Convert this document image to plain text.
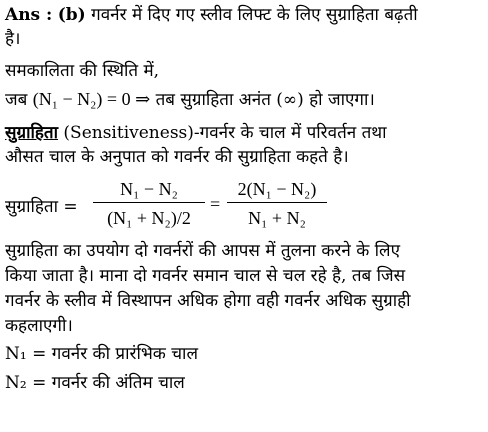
Ans : (b) गवर्नर में दिए गए स्लीव लिफ्ट के लिए सुग्राहिता बढ़ती
है।
समकालिता की स्थिति में,
जब (N₁ − N₂) = 0 ⇒ तब सुग्राहिता अनंत (∞) हो जाएगा।
सुग्राहिता (Sensitiveness)-गवर्नर के चाल में परिवर्तन तथा
औसत चाल के अनुपात को गवर्नर की सुग्राहिता कहते है।
सुग्राहिता =
N₁ − N₂
(N₁ + N₂)/2
=
2(N₁ − N₂)
N₁ + N₂
सुग्राहिता का उपयोग दो गवर्नरों की आपस में तुलना करने के लिए
किया जाता है। माना दो गवर्नर समान चाल से चल रहे है, तब जिस
गवर्नर के स्लीव में विस्थापन अधिक होगा वही गवर्नर अधिक सुग्राही
कहलाएगी।
N₁ = गवर्नर की प्रारंभिक चाल
N₂ = गवर्नर की अंतिम चाल
